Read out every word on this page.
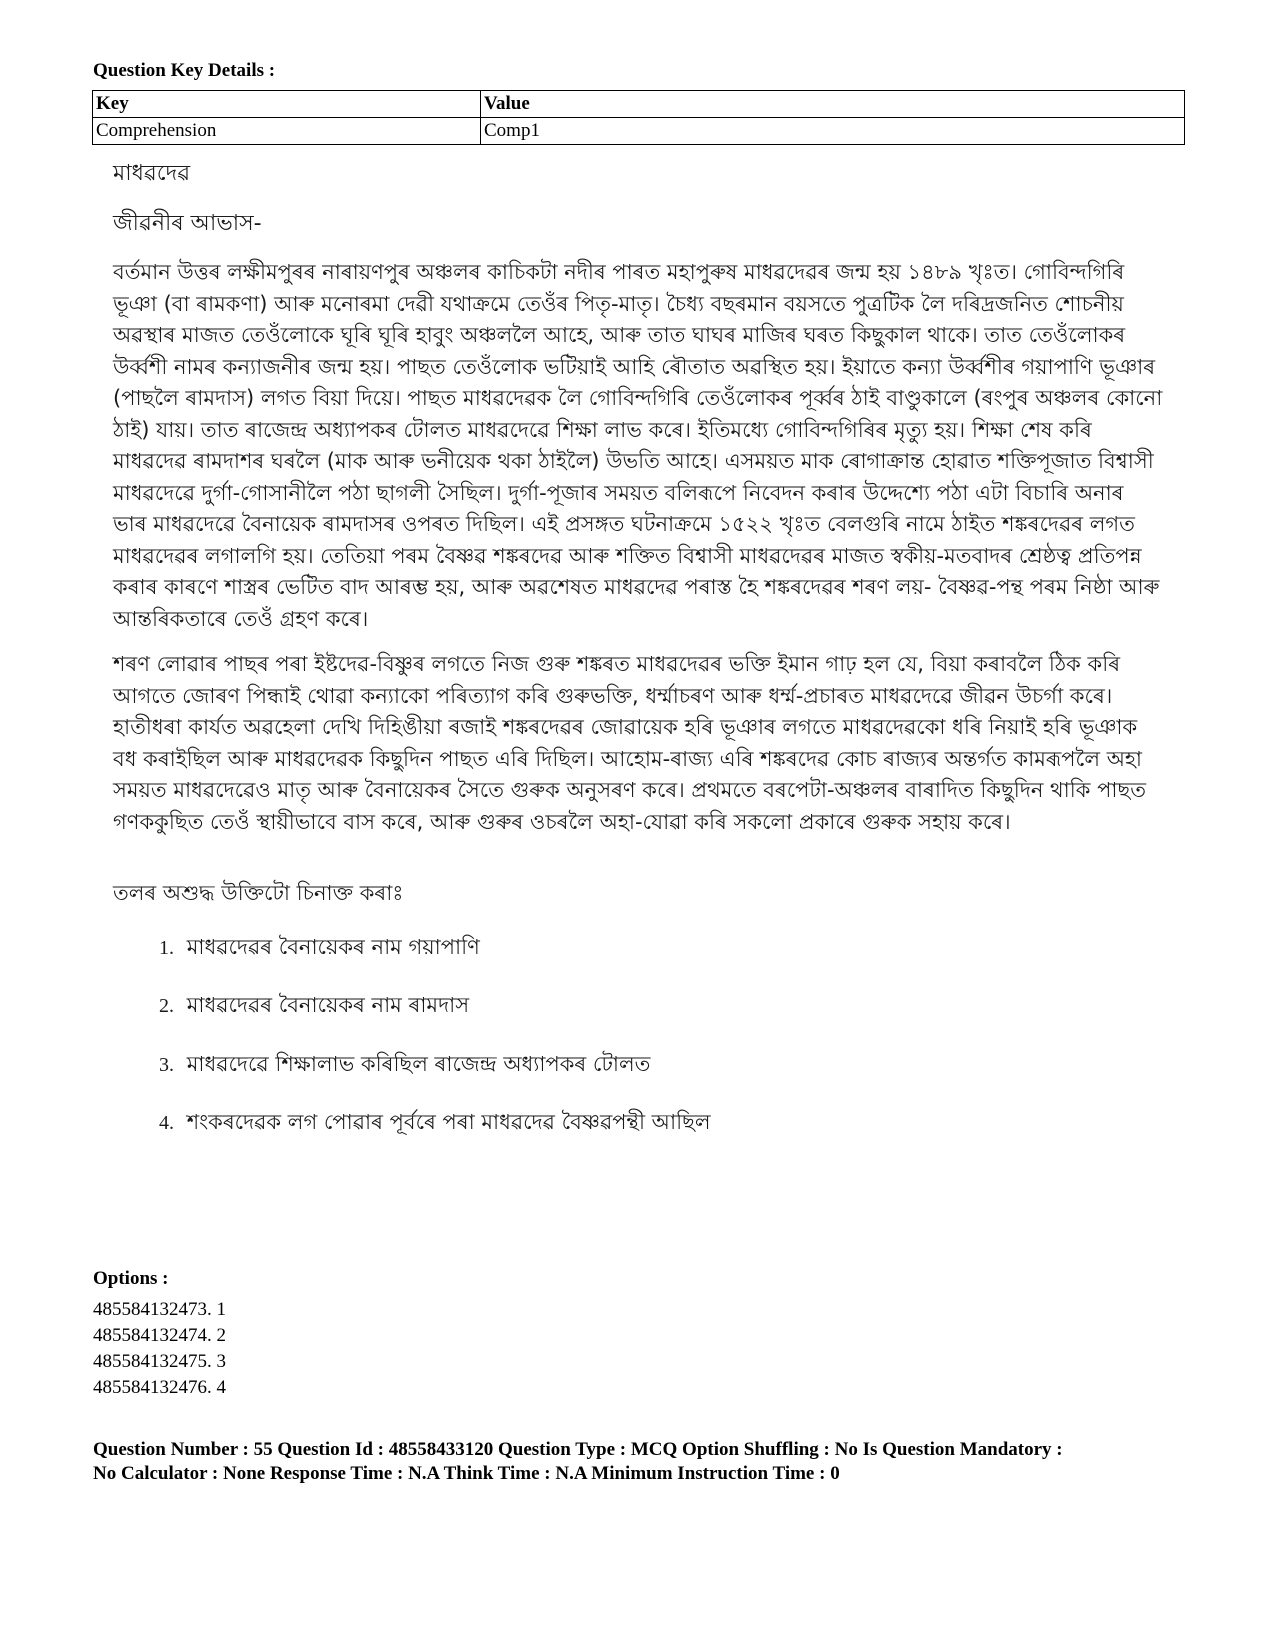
Question Key Details :
Key	Value
Comprehension	Comp1

মাধৱদেৱ

জীৱনীৰ আভাস-

বৰ্তমান উত্তৰ লক্ষীমপুৰৰ নাৰায়ণপুৰ অঞ্চলৰ কাচিকটা নদীৰ পাৰত মহাপুৰুষ মাধৱদেৱৰ জন্ম হয় ১৪৮৯ খৃঃত। গোবিন্দগিৰি ভূঞা (বা ৰামকণা) আৰু মনোৰমা দেৱী যথাক্ৰমে তেওঁৰ পিতৃ-মাতৃ। চৈধ্য বছৰমান বয়সতে পুত্ৰটিক লৈ দৰিদ্ৰজনিত শোচনীয় অৱস্থাৰ মাজত তেওঁলোকে ঘূৰি ঘূৰি হাবুং অঞ্চললৈ আহে, আৰু তাত ঘাঘৰ মাজিৰ ঘৰত কিছুকাল থাকে। তাত তেওঁলোকৰ উৰ্ব্বশী নামৰ কন্যাজনীৰ জন্ম হয়। পাছত তেওঁলোক ভটিয়াই আহি ৰৌতাত অৱস্থিত হয়। ইয়াতে কন্যা উৰ্ব্বশীৰ গয়াপাণি ভূঞাৰ (পাছলৈ ৰামদাস) লগত বিয়া দিয়ে। পাছত মাধৱদেৱক লৈ গোবিন্দগিৰি তেওঁলোকৰ পূৰ্ব্বৰ ঠাই বাণ্ডুকালে (ৰংপুৰ অঞ্চলৰ কোনো ঠাই) যায়। তাত ৰাজেন্দ্ৰ অধ্যাপকৰ টোলত মাধৱদেৱে শিক্ষা লাভ কৰে। ইতিমধ্যে গোবিন্দগিৰিৰ মৃত্যু হয়। শিক্ষা শেষ কৰি মাধৱদেৱ ৰামদাশৰ ঘৰলৈ (মাক আৰু ভনীয়েক থকা ঠাইলৈ) উভতি আহে। এসময়ত মাক ৰোগাক্ৰান্ত হোৱাত শক্তিপূজাত বিশ্বাসী মাধৱদেৱে দুৰ্গা-গোসানীলৈ পঠা ছাগলী সৈছিল। দুৰ্গা-পূজাৰ সময়ত বলিৰূপে নিবেদন কৰাৰ উদ্দেশ্যে পঠা এটা বিচাৰি অনাৰ ভাৰ মাধৱদেৱে বৈনায়েক ৰামদাসৰ ওপৰত দিছিল। এই প্ৰসঙ্গত ঘটনাক্ৰমে ১৫২২ খৃঃত বেলগুৰি নামে ঠাইত শঙ্কৰদেৱৰ লগত মাধৱদেৱৰ লগালগি হয়। তেতিয়া পৰম বৈষ্ণৱ শঙ্কৰদেৱ আৰু শক্তিত বিশ্বাসী মাধৱদেৱৰ মাজত স্বকীয়-মতবাদৰ শ্ৰেষ্ঠত্ব প্ৰতিপন্ন কৰাৰ কাৰণে শাস্ত্ৰৰ ভেটিত বাদ আৰম্ভ হয়, আৰু অৱশেষত মাধৱদেৱ পৰাস্ত হৈ শঙ্কৰদেৱৰ শৰণ লয়- বৈষ্ণৱ-পন্থ পৰম নিষ্ঠা আৰু আন্তৰিকতাৰে তেওঁ গ্ৰহণ কৰে।

শৰণ লোৱাৰ পাছৰ পৰা ইষ্টদেৱ-বিষ্ণুৰ লগতে নিজ গুৰু শঙ্কৰত মাধৱদেৱৰ ভক্তি ইমান গাঢ় হল যে, বিয়া কৰাবলৈ ঠিক কৰি আগতে জোৰণ পিন্ধাই থোৱা কন্যাকো পৰিত্যাগ কৰি গুৰুভক্তি, ধৰ্ম্মাচৰণ আৰু ধৰ্ম্ম-প্ৰচাৰত মাধৱদেৱে জীৱন উচৰ্গা কৰে। হাতীধৰা কাৰ্যত অৱহেলা দেখি দিহিঙীয়া ৰজাই শঙ্কৰদেৱৰ জোৱায়েক হৰি ভূঞাৰ লগতে মাধৱদেৱকো ধৰি নিয়াই হৰি ভূঞাক বধ কৰাইছিল আৰু মাধৱদেৱক কিছুদিন পাছত এৰি দিছিল। আহোম-ৰাজ্য এৰি শঙ্কৰদেৱ কোচ ৰাজ্যৰ অন্তৰ্গত কামৰূপলৈ অহা সময়ত মাধৱদেৱেও মাতৃ আৰু বৈনায়েকৰ সৈতে গুৰুক অনুসৰণ কৰে। প্ৰথমতে বৰপেটা-অঞ্চলৰ বাৰাদিত কিছুদিন থাকি পাছত গণককুছিত তেওঁ স্থায়ীভাবে বাস কৰে, আৰু গুৰুৰ ওচৰলৈ অহা-যোৱা কৰি সকলো প্ৰকাৰে গুৰুক সহায় কৰে।

তলৰ অশুদ্ধ উক্তিটো চিনাক্ত কৰাঃ

1. মাধৱদেৱৰ বৈনায়েকৰ নাম গয়াপাণি
2. মাধৱদেৱৰ বৈনায়েকৰ নাম ৰামদাস
3. মাধৱদেৱে শিক্ষালাভ কৰিছিল ৰাজেন্দ্ৰ অধ্যাপকৰ টোলত
4. শংকৰদেৱক লগ পোৱাৰ পূৰ্বৰে পৰা মাধৱদেৱ বৈষ্ণৱপন্থী আছিল
Options :
485584132473. 1
485584132474. 2
485584132475. 3
485584132476. 4
Question Number : 55 Question Id : 48558433120 Question Type : MCQ Option Shuffling : No Is Question Mandatory :
No Calculator : None Response Time : N.A Think Time : N.A Minimum Instruction Time : 0
